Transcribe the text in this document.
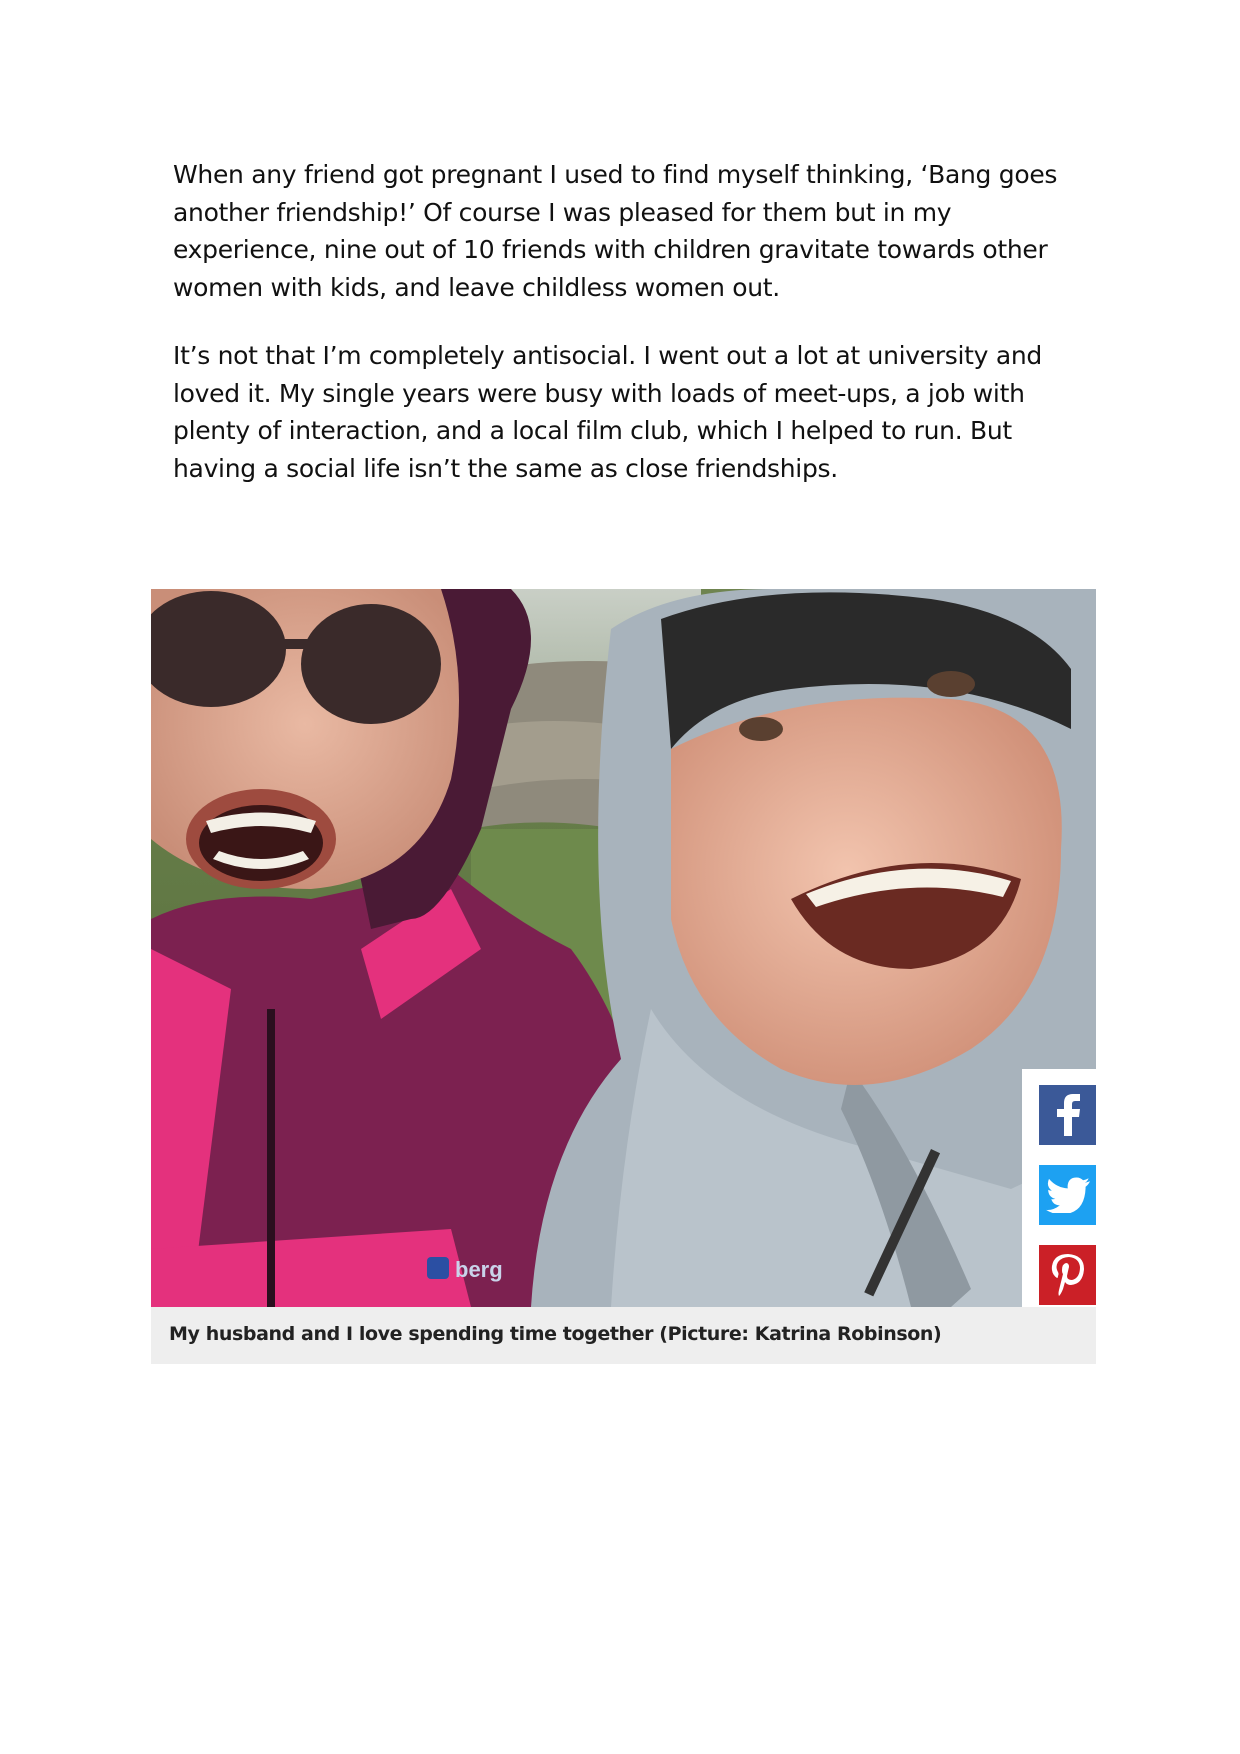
When any friend got pregnant I used to find myself thinking, ‘Bang goes another friendship!’ Of course I was pleased for them but in my experience, nine out of 10 friends with children gravitate towards other women with kids, and leave childless women out.

It’s not that I’m completely antisocial. I went out a lot at university and loved it. My single years were busy with loads of meet-ups, a job with plenty of interaction, and a local film club, which I helped to run. But having a social life isn’t the same as close friendships.

berg
My husband and I love spending time together (Picture: Katrina Robinson)
